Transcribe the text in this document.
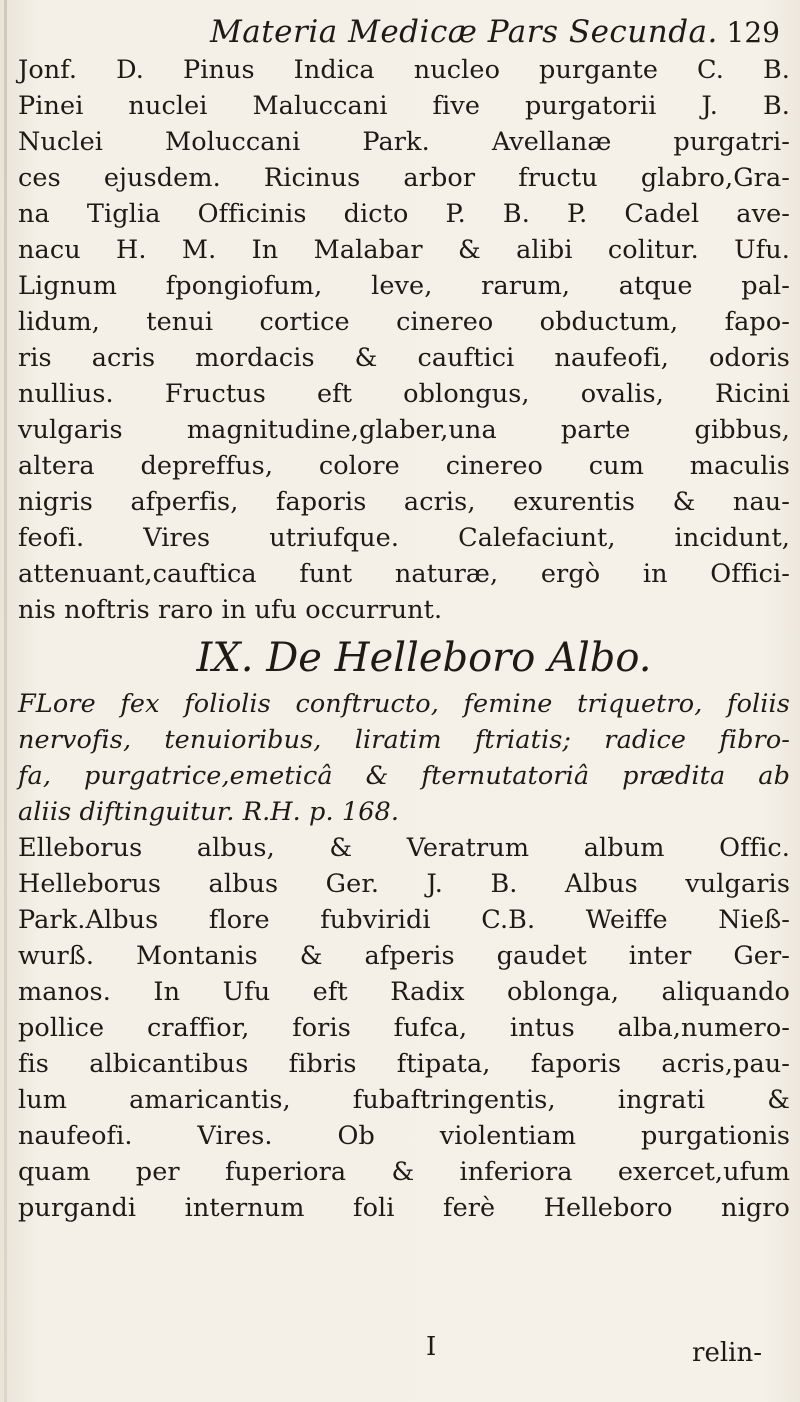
Materia Medicæ Pars Secunda. 129
Jonf. D. Pinus Indica nucleo purgante C. B.
Pinei nuclei Maluccani five purgatorii J. B.
Nuclei Moluccani Park. Avellanæ purgatri-
ces ejusdem. Ricinus arbor fructu glabro,Gra-
na Tiglia Officinis dicto P. B. P. Cadel ave-
nacu H. M. In Malabar & alibi colitur. Ufu.
Lignum fpongiofum, leve, rarum, atque pal-
lidum, tenui cortice cinereo obductum, fapo-
ris acris mordacis & cauftici naufeofi, odoris
nullius. Fructus eft oblongus, ovalis, Ricini
vulgaris magnitudine,glaber,una parte gibbus,
altera depreffus, colore cinereo cum maculis
nigris afperfis, faporis acris, exurentis & nau-
feofi. Vires utriufque. Calefaciunt, incidunt,
attenuant,cauftica funt naturæ, ergò in Offici-
nis noftris raro in ufu occurrunt.
IX. De Helleboro Albo.
FLore fex foliolis conftructo, femine triquetro, foliis
nervofis, tenuioribus, liratim ftriatis; radice fibro-
fa, purgatrice,emeticâ & fternutatoriâ prædita ab
aliis diftinguitur. R.H. p. 168.
Elleborus albus, & Veratrum album Offic.
Helleborus albus Ger. J. B. Albus vulgaris
Park.Albus flore fubviridi C.B. Weiffe Nieß-
wurß. Montanis & afperis gaudet inter Ger-
manos. In Ufu eft Radix oblonga, aliquando
pollice craffior, foris fufca, intus alba,numero-
fis albicantibus fibris ftipata, faporis acris,pau-
lum amaricantis, fubaftringentis, ingrati &
naufeofi. Vires. Ob violentiam purgationis
quam per fuperiora & inferiora exercet,ufum
purgandi internum foli ferè Helleboro nigro
I	relin-
